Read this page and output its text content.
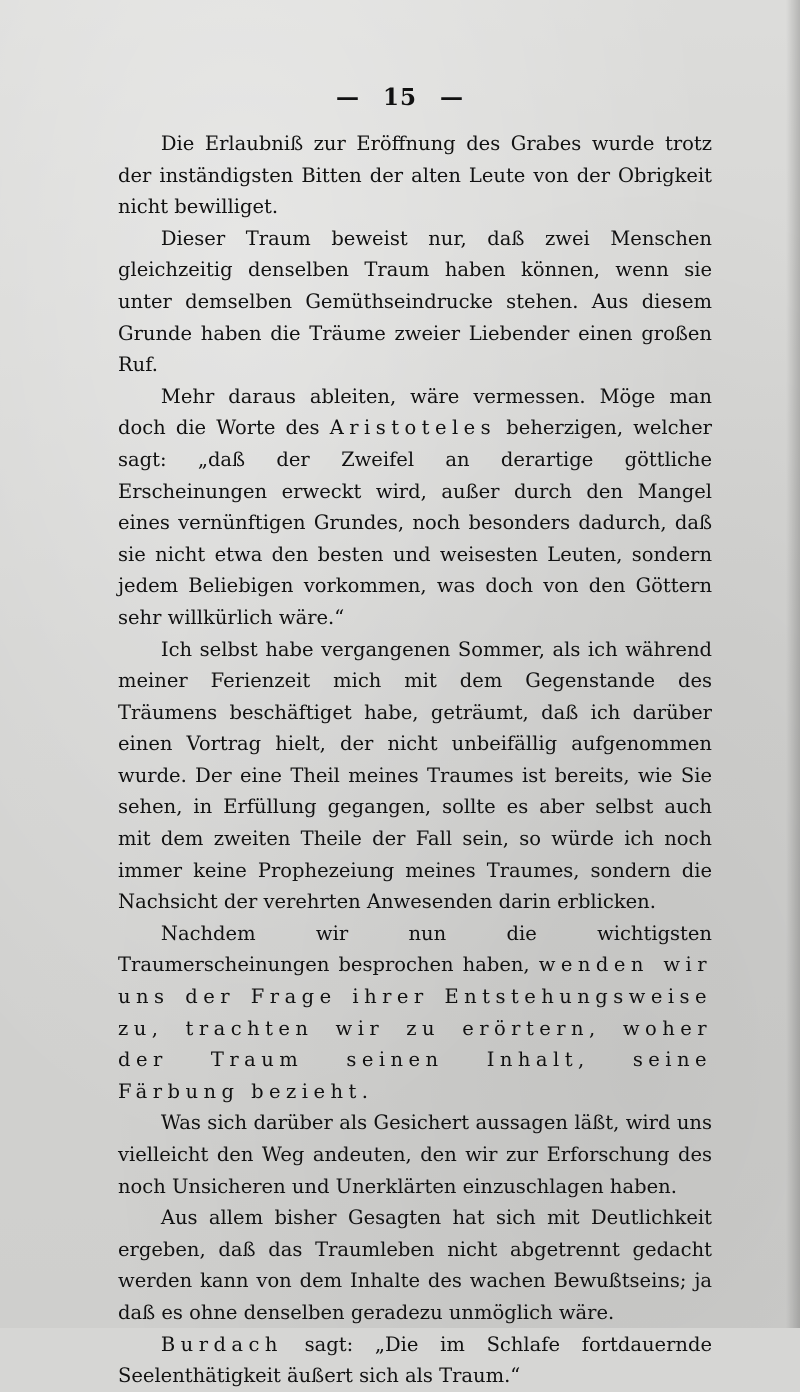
— 15 —

Die Erlaubniß zur Eröffnung des Grabes wurde trotz der inständigsten Bitten der alten Leute von der Obrigkeit nicht bewilliget.

Dieser Traum beweist nur, daß zwei Menschen gleichzeitig denselben Traum haben können, wenn sie unter demselben Gemüthseindrucke stehen. Aus diesem Grunde haben die Träume zweier Liebender einen großen Ruf.

Mehr daraus ableiten, wäre vermessen. Möge man doch die Worte des Aristoteles beherzigen, welcher sagt: „daß der Zweifel an derartige göttliche Erscheinungen erweckt wird, außer durch den Mangel eines vernünftigen Grundes, noch besonders dadurch, daß sie nicht etwa den besten und weisesten Leuten, sondern jedem Beliebigen vorkommen, was doch von den Göttern sehr willkürlich wäre.“

Ich selbst habe vergangenen Sommer, als ich während meiner Ferienzeit mich mit dem Gegenstande des Träumens beschäftiget habe, geträumt, daß ich darüber einen Vortrag hielt, der nicht unbeifällig aufgenommen wurde. Der eine Theil meines Traumes ist bereits, wie Sie sehen, in Erfüllung gegangen, sollte es aber selbst auch mit dem zweiten Theile der Fall sein, so würde ich noch immer keine Prophezeiung meines Traumes, sondern die Nachsicht der verehrten Anwesenden darin erblicken.

Nachdem wir nun die wichtigsten Traumerscheinungen besprochen haben, wenden wir uns der Frage ihrer Entstehungsweise zu, trachten wir zu erörtern, woher der Traum seinen Inhalt, seine Färbung bezieht.

Was sich darüber als Gesichert aussagen läßt, wird uns vielleicht den Weg andeuten, den wir zur Erforschung des noch Unsicheren und Unerklärten einzuschlagen haben.

Aus allem bisher Gesagten hat sich mit Deutlichkeit ergeben, daß das Traumleben nicht abgetrennt gedacht werden kann von dem Inhalte des wachen Bewußtseins; ja daß es ohne denselben geradezu unmöglich wäre.

Burdach sagt: „Die im Schlafe fortdauernde Seelenthätigkeit äußert sich als Traum.“
